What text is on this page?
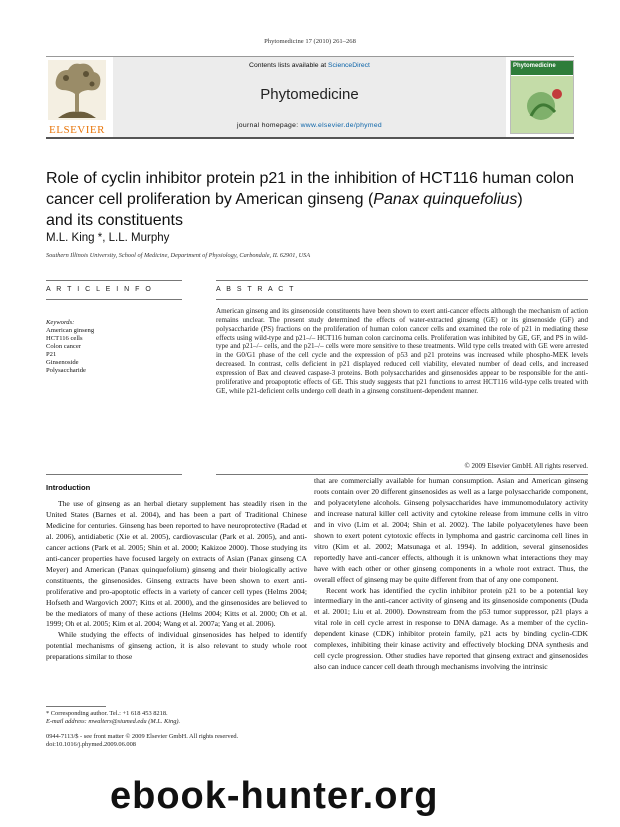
Phytomedicine 17 (2010) 261–268
Contents lists available at ScienceDirect
Phytomedicine
journal homepage: www.elsevier.de/phymed
ELSEVIER
Phytomedicine
Role of cyclin inhibitor protein p21 in the inhibition of HCT116 human colon
cancer cell proliferation by American ginseng (Panax quinquefolius)
and its constituents
M.L. King *, L.L. Murphy
Southern Illinois University, School of Medicine, Department of Physiology, Carbondale, IL 62901, USA
A R T I C L E I N F O	A B S T R A C T
Keywords:
American ginseng
HCT116 cells
Colon cancer
P21
Ginsenoside
Polysaccharide
American ginseng and its ginsenoside constituents have been shown to exert anti-cancer effects although the mechanism of action remains unclear. The present study determined the effects of water-extracted ginseng (GE) or its ginsenoside (GF) and polysaccharide (PS) fractions on the proliferation of human colon cancer cells and examined the role of p21 in mediating these effects using wild-type and p21–/– HCT116 human colon carcinoma cells. Proliferation was inhibited by GE, GF, and PS in wild-type and p21–/– cells, and the p21–/– cells were more sensitive to these treatments. Wild type cells treated with GE were arrested in the G0/G1 phase of the cell cycle and the expression of p53 and p21 proteins was increased while phospho-MEK levels decreased. In contrast, cells deficient in p21 displayed reduced cell viability, elevated number of dead cells, and increased expression of Bax and cleaved caspase-3 proteins. Both polysaccharides and ginsenosides appear to be responsible for the anti-proliferative and proapoptotic effects of GE. This study suggests that p21 functions to arrest HCT116 wild-type cells treated with GE, while p21-deficient cells undergo cell death in a ginseng constituent-dependent manner.
© 2009 Elsevier GmbH. All rights reserved.
Introduction
The use of ginseng as an herbal dietary supplement has steadily risen in the United States (Barnes et al. 2004), and has been a part of Traditional Chinese Medicine for centuries. Ginseng has been reported to have neuroprotective (Radad et al. 2006), antidiabetic (Xie et al. 2005), cardiovascular (Park et al. 2005), and anti-cancer actions (Park et al. 2005; Shin et al. 2000; Kakizoe 2000). Those studying its anti-cancer properties have focused largely on extracts of Asian (Panax ginseng CA Meyer) and American (Panax quinquefolium) ginseng and their biologically active constituents, the ginsenosides. Ginseng extracts have been shown to exert anti-proliferative and pro-apoptotic effects in a variety of cancer cell types (Helms 2004; Hofseth and Wargovich 2007; Kitts et al. 2000), and the ginsenosides are believed to be the mediators of many of these actions (Helms 2004; Kitts et al. 2000; Oh et al. 1999; Oh et al. 2005; Kim et al. 2004; Wang et al. 2007a; Yang et al. 2006).
While studying the effects of individual ginsenosides has helped to identify potential mechanisms of ginseng action, it is also relevant to study whole root preparations similar to those
that are commercially available for human consumption. Asian and American ginseng roots contain over 20 different ginsenosides as well as a large polysaccharide component, and polyacetylene alcohols. Ginseng polysaccharides have immunomodulatory activity and increase natural killer cell activity and cytokine release from immune cells in vitro and in vivo (Lim et al. 2004; Shin et al. 2002). The labile polyacetylenes have been shown to exert potent cytotoxic effects in lymphoma and gastric carcinoma cell lines in vitro (Kim et al. 2002; Matsunaga et al. 1994). In addition, several ginsenosides reportedly have anti-cancer effects, although it is unknown what interactions they may have with each other or other ginseng components in a whole root extract. Thus, the overall effect of ginseng may be quite different from that of any one component.
Recent work has identified the cyclin inhibitor protein p21 to be a potential key intermediary in the anti-cancer activity of ginseng and its ginsenoside components (Duda et al. 2001; Liu et al. 2000). Downstream from the p53 tumor suppressor, p21 plays a vital role in cell cycle arrest in response to DNA damage. As a member of the cyclin-dependent kinase (CDK) inhibitor protein family, p21 acts by binding cyclin-CDK complexes, inhibiting their kinase activity and effectively blocking DNA synthesis and cell cycle progression. Other studies have reported that ginseng extract and ginsenosides also can induce cancer cell death through mechanisms involving the intrinsic
* Corresponding author. Tel.: +1 618 453 8218.
E-mail address: mwalters@siumed.edu (M.L. King).
0944-7113/$ - see front matter © 2009 Elsevier GmbH. All rights reserved.
doi:10.1016/j.phymed.2009.06.008
ebook-hunter.org
